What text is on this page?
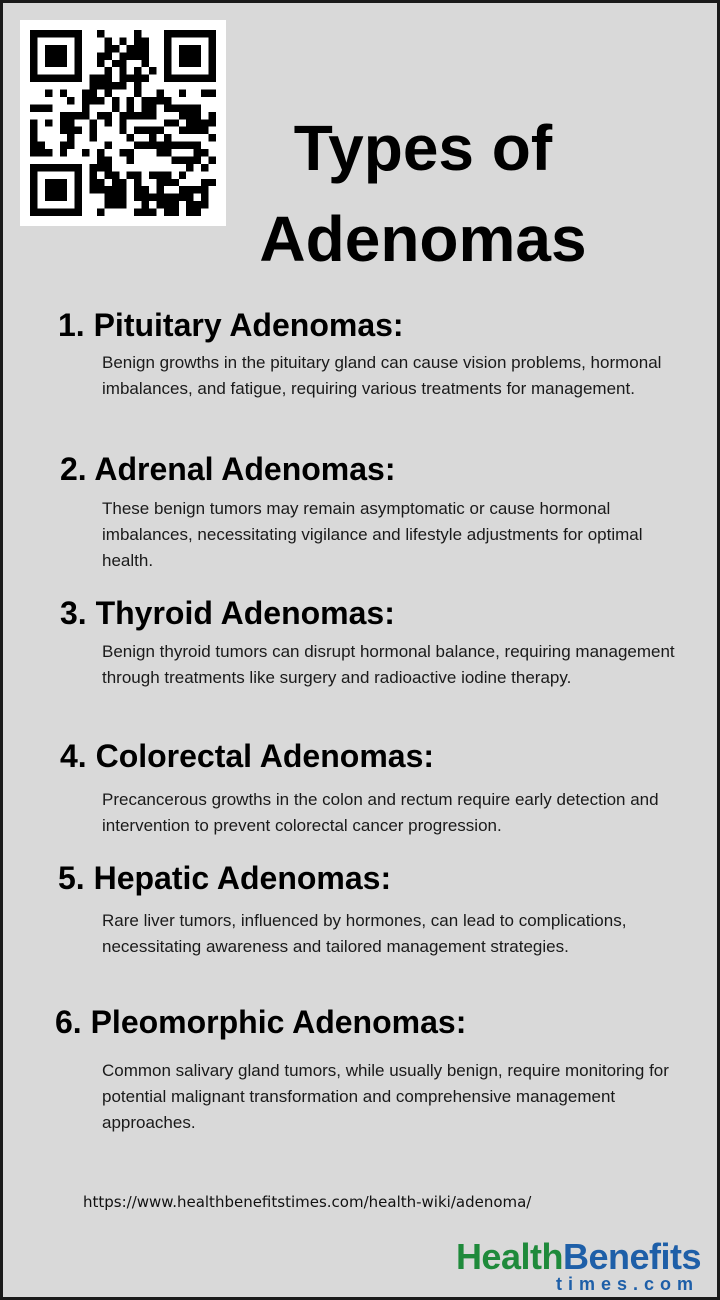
Types of Adenomas
1. Pituitary Adenomas:

Benign growths in the pituitary gland can cause vision problems, hormonal imbalances, and fatigue, requiring various treatments for management.

2. Adrenal Adenomas:

These benign tumors may remain asymptomatic or cause hormonal imbalances, necessitating vigilance and lifestyle adjustments for optimal health.

3. Thyroid Adenomas:

Benign thyroid tumors can disrupt hormonal balance, requiring management through treatments like surgery and radioactive iodine therapy.

4. Colorectal Adenomas:

Precancerous growths in the colon and rectum require early detection and intervention to prevent colorectal cancer progression.

5. Hepatic Adenomas:

Rare liver tumors, influenced by hormones, can lead to complications, necessitating awareness and tailored management strategies.

6. Pleomorphic Adenomas:

Common salivary gland tumors, while usually benign, require monitoring for potential malignant transformation and comprehensive management approaches.

https://www.healthbenefitstimes.com/health-wiki/adenoma/
HealthBenefits
times.com
